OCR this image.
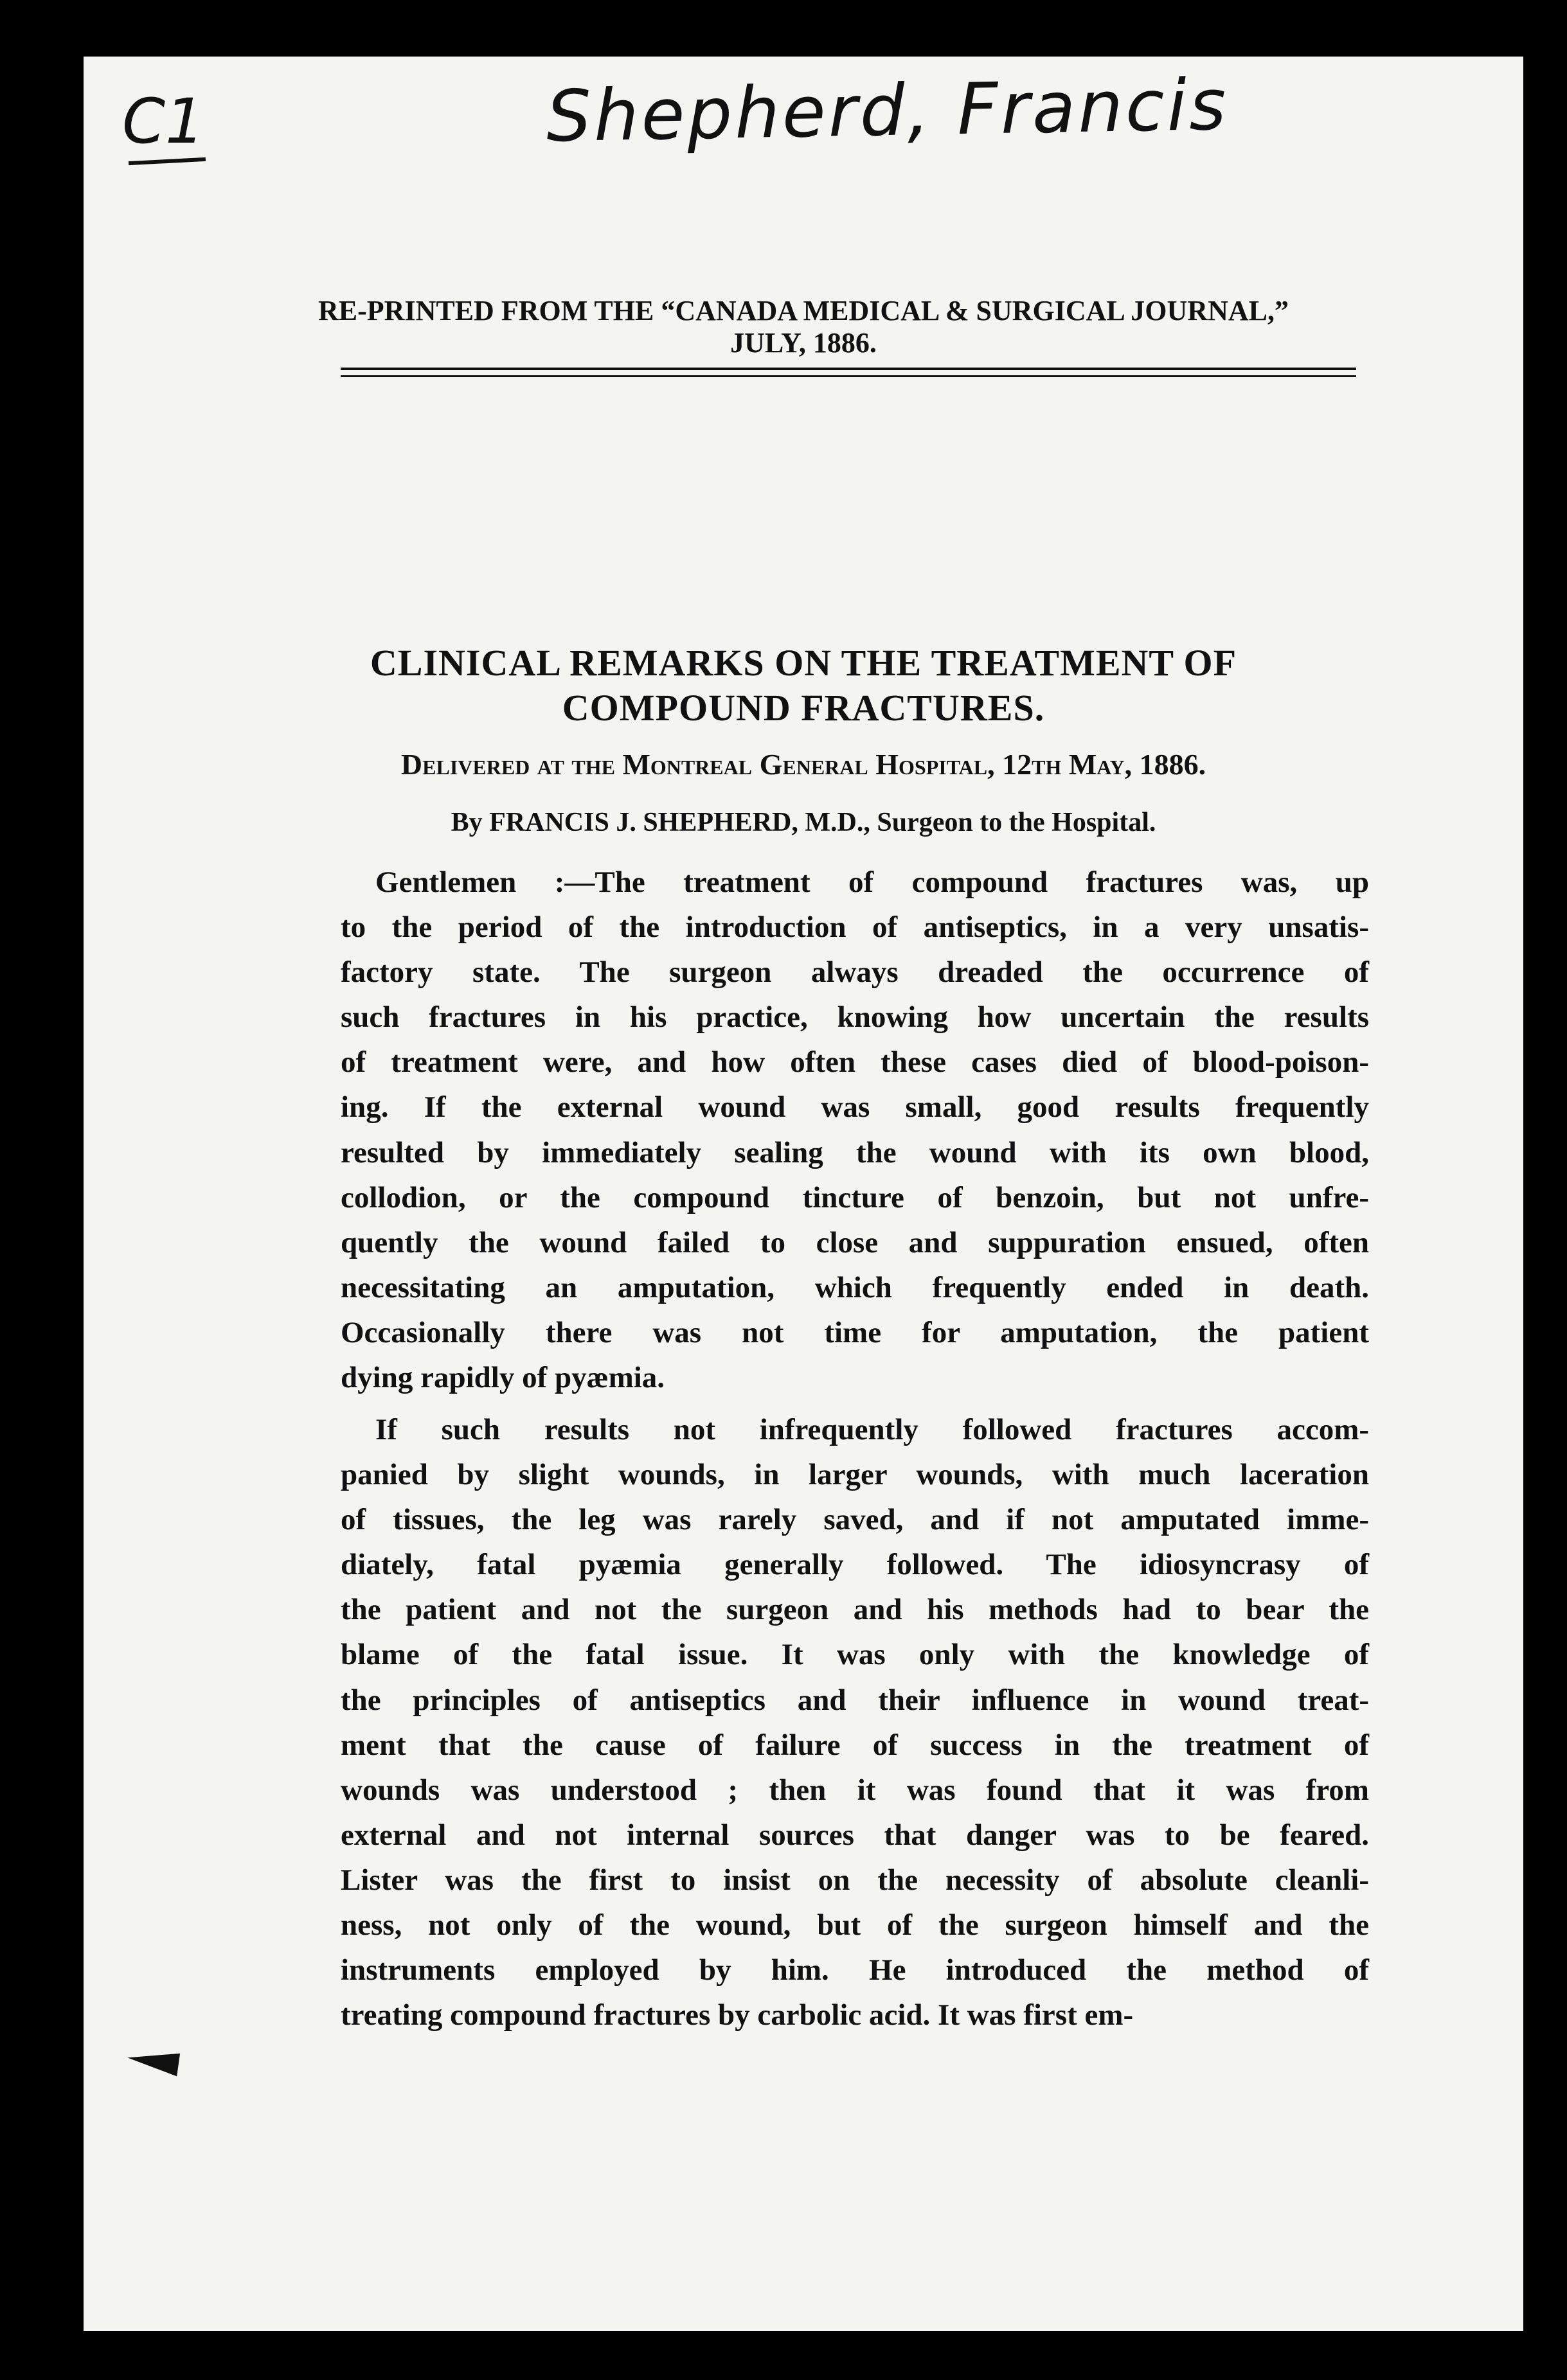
C1	Shepherd, Francis
RE-PRINTED FROM THE “CANADA MEDICAL & SURGICAL JOURNAL,”
JULY, 1886.
CLINICAL REMARKS ON THE TREATMENT OF
COMPOUND FRACTURES.
Delivered at the Montreal General Hospital, 12th May, 1886.
By FRANCIS J. SHEPHERD, M.D., Surgeon to the Hospital.
Gentlemen :—The treatment of compound fractures was, up
to the period of the introduction of antiseptics, in a very unsatis-
factory state. The surgeon always dreaded the occurrence of
such fractures in his practice, knowing how uncertain the results
of treatment were, and how often these cases died of blood-poison-
ing. If the external wound was small, good results frequently
resulted by immediately sealing the wound with its own blood,
collodion, or the compound tincture of benzoin, but not unfre-
quently the wound failed to close and suppuration ensued, often
necessitating an amputation, which frequently ended in death.
Occasionally there was not time for amputation, the patient
dying rapidly of pyæmia.
If such results not infrequently followed fractures accom-
panied by slight wounds, in larger wounds, with much laceration
of tissues, the leg was rarely saved, and if not amputated imme-
diately, fatal pyæmia generally followed. The idiosyncrasy of
the patient and not the surgeon and his methods had to bear the
blame of the fatal issue. It was only with the knowledge of
the principles of antiseptics and their influence in wound treat-
ment that the cause of failure of success in the treatment of
wounds was understood ; then it was found that it was from
external and not internal sources that danger was to be feared.
Lister was the first to insist on the necessity of absolute cleanli-
ness, not only of the wound, but of the surgeon himself and the
instruments employed by him. He introduced the method of
treating compound fractures by carbolic acid. It was first em-
